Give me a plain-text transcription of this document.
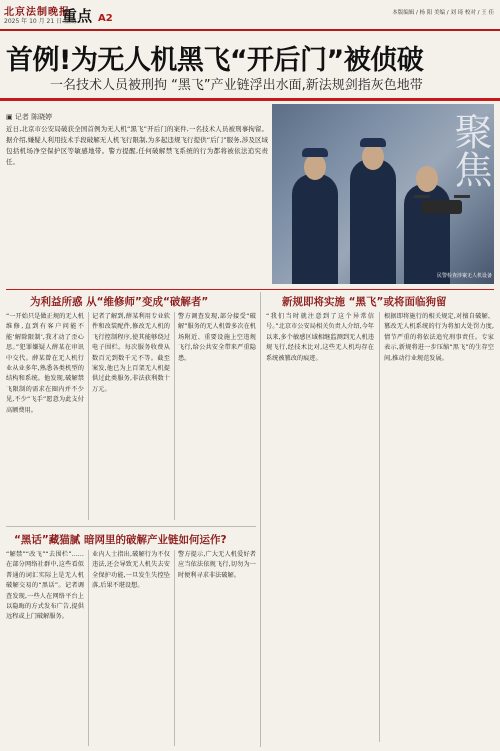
北京法制晚报
2025 年 10 月 21 日 星期二
重点 A2	本版编辑 / 杨 阳 美编 / 刘 琦 校对 / 王 佳
首例!为无人机黑飞“开后门”被侦破
一名技术人员被刑拘 “黑飞”产业链浮出水面,新法规剑指灰色地带
▣ 记者 陈晓婷
近日,北京市公安局破获全国首例为无人机“黑飞”开后门的案件,一名技术人员被刑事拘留。据介绍,嫌疑人利用技术手段破解无人机飞行限制,为多起违规飞行提供“后门”服务,涉及区域包括机场净空保护区等敏感地带。警方提醒,任何破解禁飞系统的行为都将被依法追究责任。	聚焦
民警检查涉案无人机设备
为利益所惑 从“维修师”变成“破解者”
“一开始只是做正规的无人机维修,直到有客户问能不能‘解除限制’,我才动了歪心思。”犯罪嫌疑人薛某在审讯中交代。薛某曾在无人机行业从业多年,熟悉各类机型的结构和系统。他发现,破解禁飞限制的需求在圈内并不少见,不少“飞手”愿意为此支付高额费用。
记者了解到,薛某利用专业软件和改装配件,修改无人机的飞行控制程序,使其能够绕过电子围栏。每次服务收费从数百元到数千元不等。截至案发,他已为上百架无人机提供过此类服务,非法获利数十万元。
警方调查发现,部分接受“破解”服务的无人机曾多次在机场附近、重要设施上空违规飞行,给公共安全带来严重隐患。
新规即将实施 “黑飞”或将面临狗留
“我们当时就注意到了这个异常信号。”北京市公安局相关负责人介绍,今年以来,多个敏感区域相继监测到无人机违规飞行,经技术比对,这些无人机均存在系统被篡改的痕迹。
根据即将施行的相关规定,对擅自破解、篡改无人机系统的行为将加大处罚力度,情节严重的将依法追究刑事责任。专家表示,新规将进一步压缩“黑飞”的生存空间,推动行业规范发展。
“黑话”藏猫腻 暗网里的破解产业链如何运作?
“解禁”“改飞”“去围栏”……在部分网络社群中,这些看似普通的词汇实际上是无人机破解交易的“黑话”。记者调查发现,一些人在网络平台上以隐晦的方式发布广告,提供远程或上门破解服务。
业内人士指出,破解行为不仅违法,还会导致无人机失去安全保护功能,一旦发生失控坠落,后果不堪设想。
警方提示,广大无人机爱好者应当依法依规飞行,切勿为一时便利寻求非法破解。
